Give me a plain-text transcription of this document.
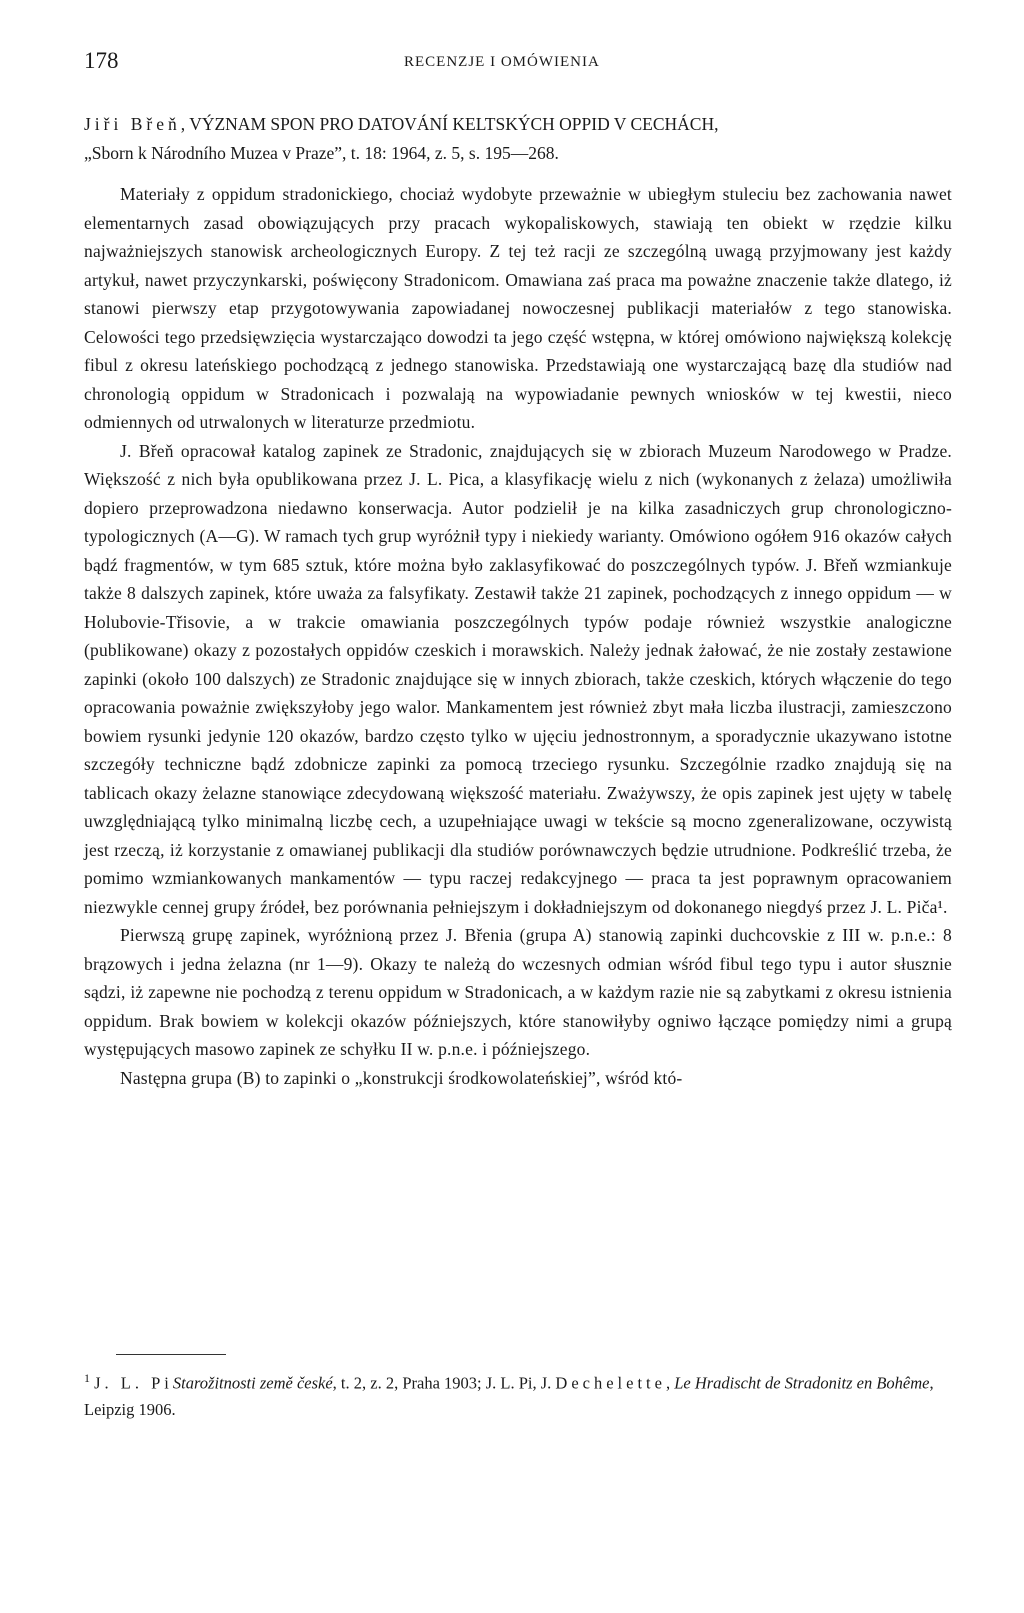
178	RECENZJE I OMÓWIENIA
Jiři Břeň, VÝZNAM SPON PRO DATOVÁNÍ KELTSKÝCH OPPID V CECHÁCH,
„Sborn k Národního Muzea v Praze”, t. 18: 1964, z. 5, s. 195—268.

Materiały z oppidum stradonickiego, chociaż wydobyte przeważnie w ubiegłym stuleciu bez zachowania nawet elementarnych zasad obowiązujących przy pracach wykopaliskowych, stawiają ten obiekt w rzędzie kilku najważniejszych stanowisk archeologicznych Europy. Z tej też racji ze szczególną uwagą przyjmowany jest każdy artykuł, nawet przyczynkarski, poświęcony Stradonicom. Omawiana zaś praca ma poważne znaczenie także dlatego, iż stanowi pierwszy etap przygotowywania zapowiadanej nowoczesnej publikacji materiałów z tego stanowiska. Celowości tego przedsięwzięcia wystarczająco dowodzi ta jego część wstępna, w której omówiono największą kolekcję fibul z okresu lateńskiego pochodzącą z jednego stanowiska. Przedstawiają one wystarczającą bazę dla studiów nad chronologią oppidum w Stradonicach i pozwalają na wypowiadanie pewnych wniosków w tej kwestii, nieco odmiennych od utrwalonych w literaturze przedmiotu.

J. Břeň opracował katalog zapinek ze Stradonic, znajdujących się w zbiorach Muzeum Narodowego w Pradze. Większość z nich była opublikowana przez J. L. Pica, a klasyfikację wielu z nich (wykonanych z żelaza) umożliwiła dopiero przeprowadzona niedawno konserwacja. Autor podzielił je na kilka zasadniczych grup chronologiczno-typologicznych (A—G). W ramach tych grup wyróżnił typy i niekiedy warianty. Omówiono ogółem 916 okazów całych bądź fragmentów, w tym 685 sztuk, które można było zaklasyfikować do poszczególnych typów. J. Břeň wzmiankuje także 8 dalszych zapinek, które uważa za falsyfikaty. Zestawił także 21 zapinek, pochodzących z innego oppidum — w Holubovie-Třisovie, a w trakcie omawiania poszczególnych typów podaje również wszystkie analogiczne (publikowane) okazy z pozostałych oppidów czeskich i morawskich. Należy jednak żałować, że nie zostały zestawione zapinki (około 100 dalszych) ze Stradonic znajdujące się w innych zbiorach, także czeskich, których włączenie do tego opracowania poważnie zwiększyłoby jego walor. Mankamentem jest również zbyt mała liczba ilustracji, zamieszczono bowiem rysunki jedynie 120 okazów, bardzo często tylko w ujęciu jednostronnym, a sporadycznie ukazywano istotne szczegóły techniczne bądź zdobnicze zapinki za pomocą trzeciego rysunku. Szczególnie rzadko znajdują się na tablicach okazy żelazne stanowiące zdecydowaną większość materiału. Zważywszy, że opis zapinek jest ujęty w tabelę uwzględniającą tylko minimalną liczbę cech, a uzupełniające uwagi w tekście są mocno zgeneralizowane, oczywistą jest rzeczą, iż korzystanie z omawianej publikacji dla studiów porównawczych będzie utrudnione. Podkreślić trzeba, że pomimo wzmiankowanych mankamentów — typu raczej redakcyjnego — praca ta jest poprawnym opracowaniem niezwykle cennej grupy źródeł, bez porównania pełniejszym i dokładniejszym od dokonanego niegdyś przez J. L. Piča¹.

Pierwszą grupę zapinek, wyróżnioną przez J. Břenia (grupa A) stanowią zapinki duchcovskie z III w. p.n.e.: 8 brązowych i jedna żelazna (nr 1—9). Okazy te należą do wczesnych odmian wśród fibul tego typu i autor słusznie sądzi, iż zapewne nie pochodzą z terenu oppidum w Stradonicach, a w każdym razie nie są zabytkami z okresu istnienia oppidum. Brak bowiem w kolekcji okazów późniejszych, które stanowiłyby ogniwo łączące pomiędzy nimi a grupą występujących masowo zapinek ze schyłku II w. p.n.e. i późniejszego.

Następna grupa (B) to zapinki o „konstrukcji środkowolateńskiej”, wśród któ-

$^1$ J. L. PiStarožitnosti země české, t. 2, z. 2, Praha 1903; J. L. Pi, J. Dechelette, Le Hradischt de Stradonitz en Bohême, Leipzig 1906.
